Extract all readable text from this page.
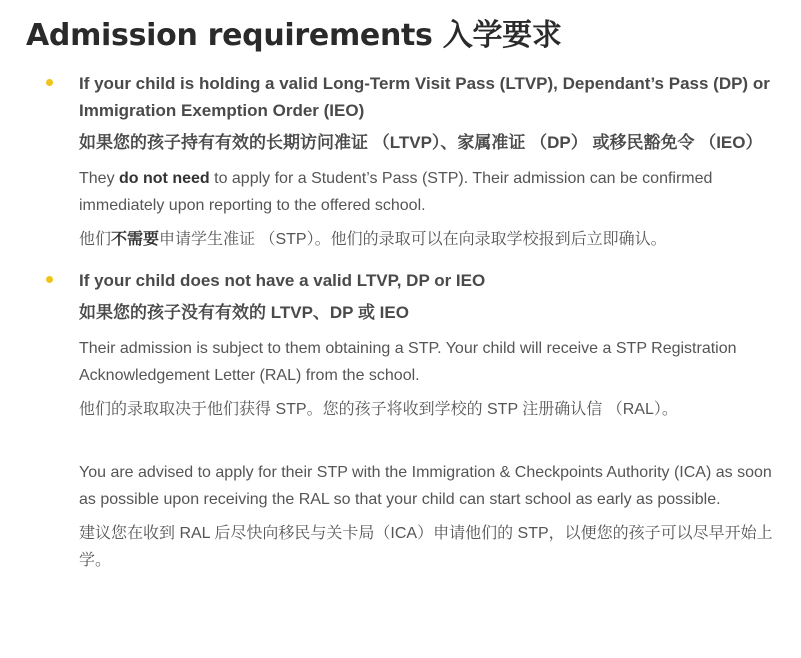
Admission requirements 入学要求

If your child is holding a valid Long-Term Visit Pass (LTVP), Dependant’s Pass (DP) or Immigration Exemption Order (IEO)

如果您的孩子持有有效的长期访问准证 （LTVP）、家属准证 （DP） 或移民豁免令 （IEO）

They do not need to apply for a Student’s Pass (STP). Their admission can be confirmed immediately upon reporting to the offered school.

他们不需要申请学生准证 （STP）。他们的录取可以在向录取学校报到后立即确认。

If your child does not have a valid LTVP, DP or IEO

如果您的孩子没有有效的 LTVP、DP 或 IEO

Their admission is subject to them obtaining a STP. Your child will receive a STP Registration Acknowledgement Letter (RAL) from the school.

他们的录取取决于他们获得 STP。您的孩子将收到学校的 STP 注册确认信 （RAL）。

You are advised to apply for their STP with the Immigration & Checkpoints Authority (ICA) as soon as possible upon receiving the RAL so that your child can start school as early as possible.

建议您在收到 RAL 后尽快向移民与关卡局（ICA）申请他们的 STP，以便您的孩子可以尽早开始上学。
